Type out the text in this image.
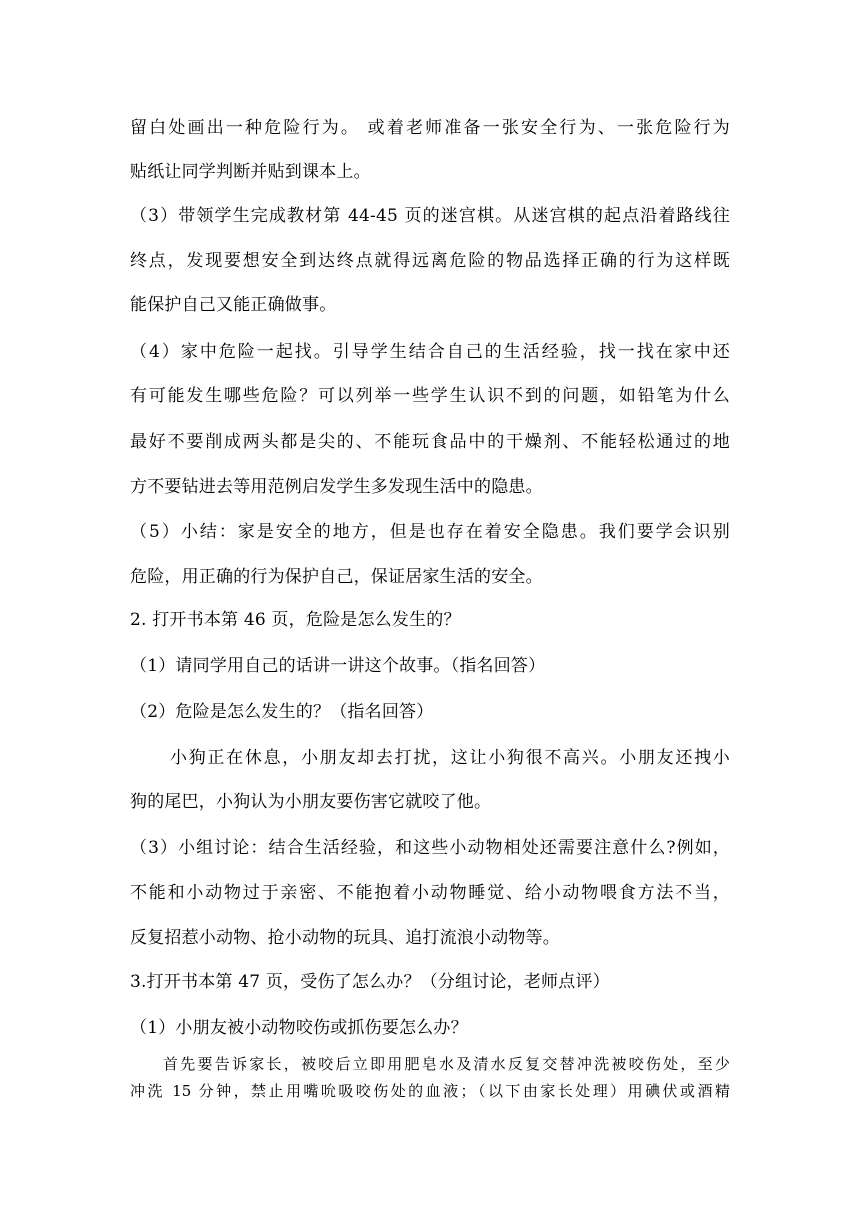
留白处画出一种危险行为。 或着老师准备一张安全行为、一张危险行为
贴纸让同学判断并贴到课本上。
（3）带领学生完成教材第 44-45 页的迷宫棋。从迷宫棋的起点沿着路线往
终点，发现要想安全到达终点就得远离危险的物品选择正确的行为这样既
能保护自己又能正确做事。
（4）家中危险一起找。引导学生结合自己的生活经验，找一找在家中还
有可能发生哪些危险？可以列举一些学生认识不到的问题，如铅笔为什么
最好不要削成两头都是尖的、不能玩食品中的干燥剂、不能轻松通过的地
方不要钻进去等用范例启发学生多发现生活中的隐患。
（5）小结：家是安全的地方，但是也存在着安全隐患。我们要学会识别
危险，用正确的行为保护自己，保证居家生活的安全。
2. 打开书本第 46 页，危险是怎么发生的？
（1）请同学用自己的话讲一讲这个故事。（指名回答）
（2）危险是怎么发生的？（指名回答）
小狗正在休息，小朋友却去打扰，这让小狗很不高兴。小朋友还拽小
狗的尾巴，小狗认为小朋友要伤害它就咬了他。
（3）小组讨论：结合生活经验，和这些小动物相处还需要注意什么?例如，
不能和小动物过于亲密、不能抱着小动物睡觉、给小动物喂食方法不当，
反复招惹小动物、抢小动物的玩具、追打流浪小动物等。
3.打开书本第 47 页，受伤了怎么办？（分组讨论，老师点评）
（1）小朋友被小动物咬伤或抓伤要怎么办？
首先要告诉家长，被咬后立即用肥皂水及清水反复交替冲洗被咬伤处，至少
冲洗 15 分钟，禁止用嘴吮吸咬伤处的血液；（以下由家长处理）用碘伏或酒精
